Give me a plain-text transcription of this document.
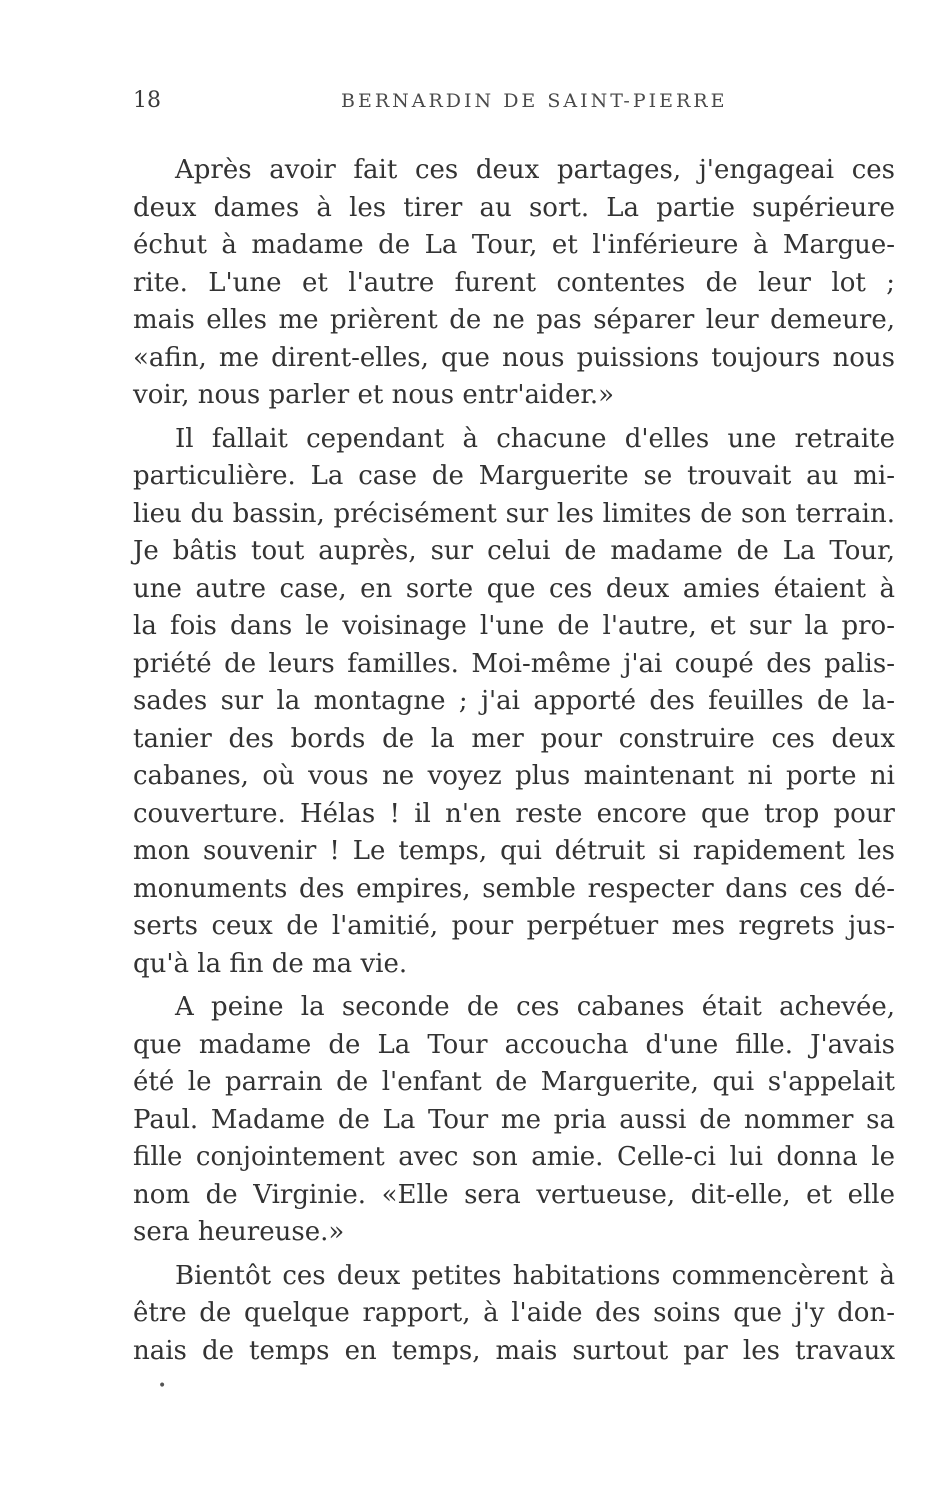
18	BERNARDIN DE SAINT-PIERRE
Après avoir fait ces deux partages, j'engageai ces
deux dames à les tirer au sort. La partie supérieure
échut à madame de La Tour, et l'inférieure à Margue-
rite. L'une et l'autre furent contentes de leur lot ;
mais elles me prièrent de ne pas séparer leur demeure,
«afin, me dirent-elles, que nous puissions toujours nous
voir, nous parler et nous entr'aider.»
Il fallait cependant à chacune d'elles une retraite
particulière. La case de Marguerite se trouvait au mi-
lieu du bassin, précisément sur les limites de son terrain.
Je bâtis tout auprès, sur celui de madame de La Tour,
une autre case, en sorte que ces deux amies étaient à
la fois dans le voisinage l'une de l'autre, et sur la pro-
priété de leurs familles. Moi-même j'ai coupé des palis-
sades sur la montagne ; j'ai apporté des feuilles de la-
tanier des bords de la mer pour construire ces deux
cabanes, où vous ne voyez plus maintenant ni porte ni
couverture. Hélas ! il n'en reste encore que trop pour
mon souvenir ! Le temps, qui détruit si rapidement les
monuments des empires, semble respecter dans ces dé-
serts ceux de l'amitié, pour perpétuer mes regrets jus-
qu'à la fin de ma vie.
A peine la seconde de ces cabanes était achevée,
que madame de La Tour accoucha d'une fille. J'avais
été le parrain de l'enfant de Marguerite, qui s'appelait
Paul. Madame de La Tour me pria aussi de nommer sa
fille conjointement avec son amie. Celle-ci lui donna le
nom de Virginie. «Elle sera vertueuse, dit-elle, et elle
sera heureuse.»
Bientôt ces deux petites habitations commencèrent à
être de quelque rapport, à l'aide des soins que j'y don-
nais de temps en temps, mais surtout par les travaux
•
